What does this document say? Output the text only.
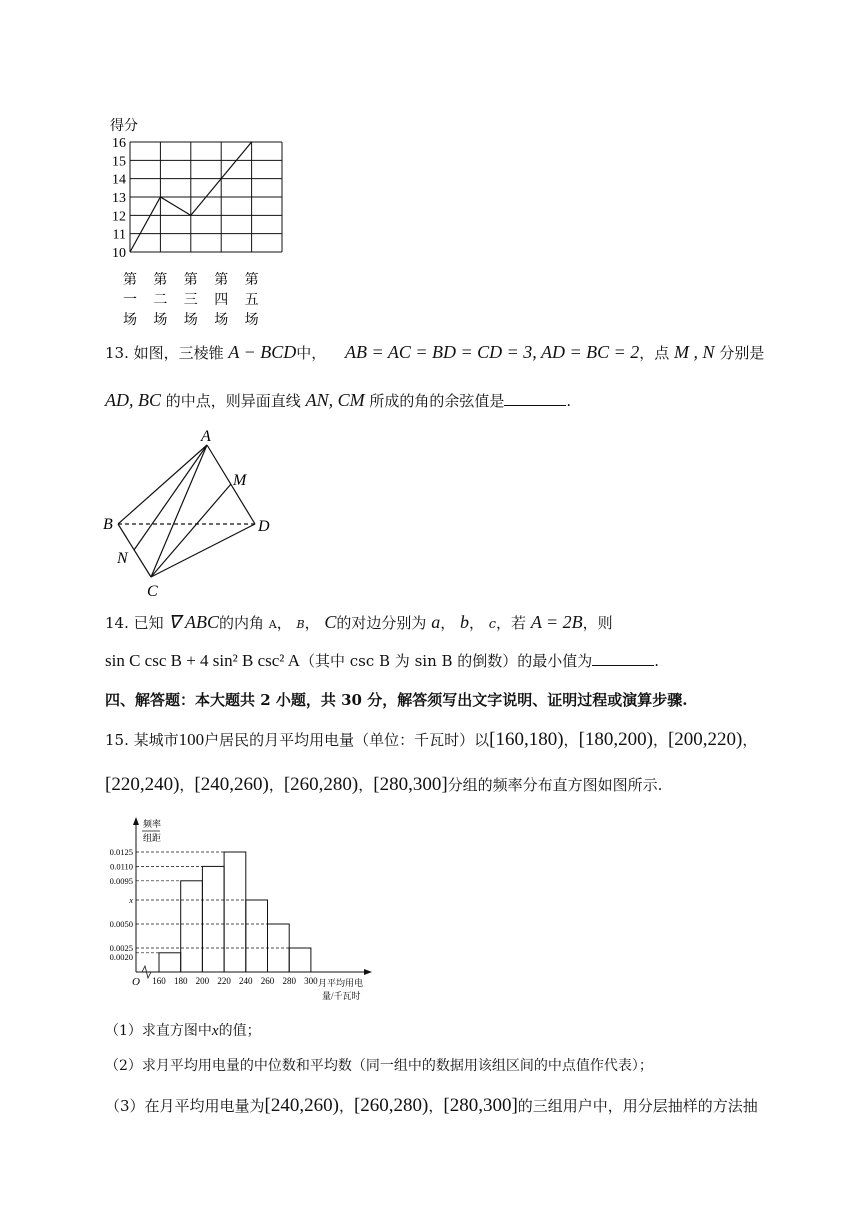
得分
16
15
14
13
12
11
10
第
一
场
第
二
场
第
三
场
第
四
场
第
五
场
13. 如图，三棱锥 A − BCD中， AB = AC = BD = CD = 3, AD = BC = 2，点 M , N 分别是
AD, BC 的中点，则异面直线 AN, CM 所成的角的余弦值是	.
A
B
C
D
M
N
14. 已知 ∇ ABC的内角 A， B， C的对边分别为 a， b， c，若 A = 2B，则
sin C csc B + 4 sin² B csc² A（其中 csc B 为 sin B 的倒数）的最小值为	.
四、解答题：本大题共 2 小题，共 30 分，解答须写出文字说明、证明过程或演算步骤.
15. 某城市100户居民的月平均用电量（单位：千瓦时）以[160,180)，[180,200)，[200,220)，
[220,240)，[240,260)，[260,280)，[280,300]分组的频率分布直方图如图所示.
频率
组距
0.0125
0.0110
0.0095
x
0.0050
0.0025
0.0020
160 180 200 220 240 260 280 300
O	月平均用电
量/千瓦时
（1）求直方图中x的值；
（2）求月平均用电量的中位数和平均数（同一组中的数据用该组区间的中点值作代表）；
（3）在月平均用电量为[240,260)，[260,280)，[280,300]的三组用户中，用分层抽样的方法抽
